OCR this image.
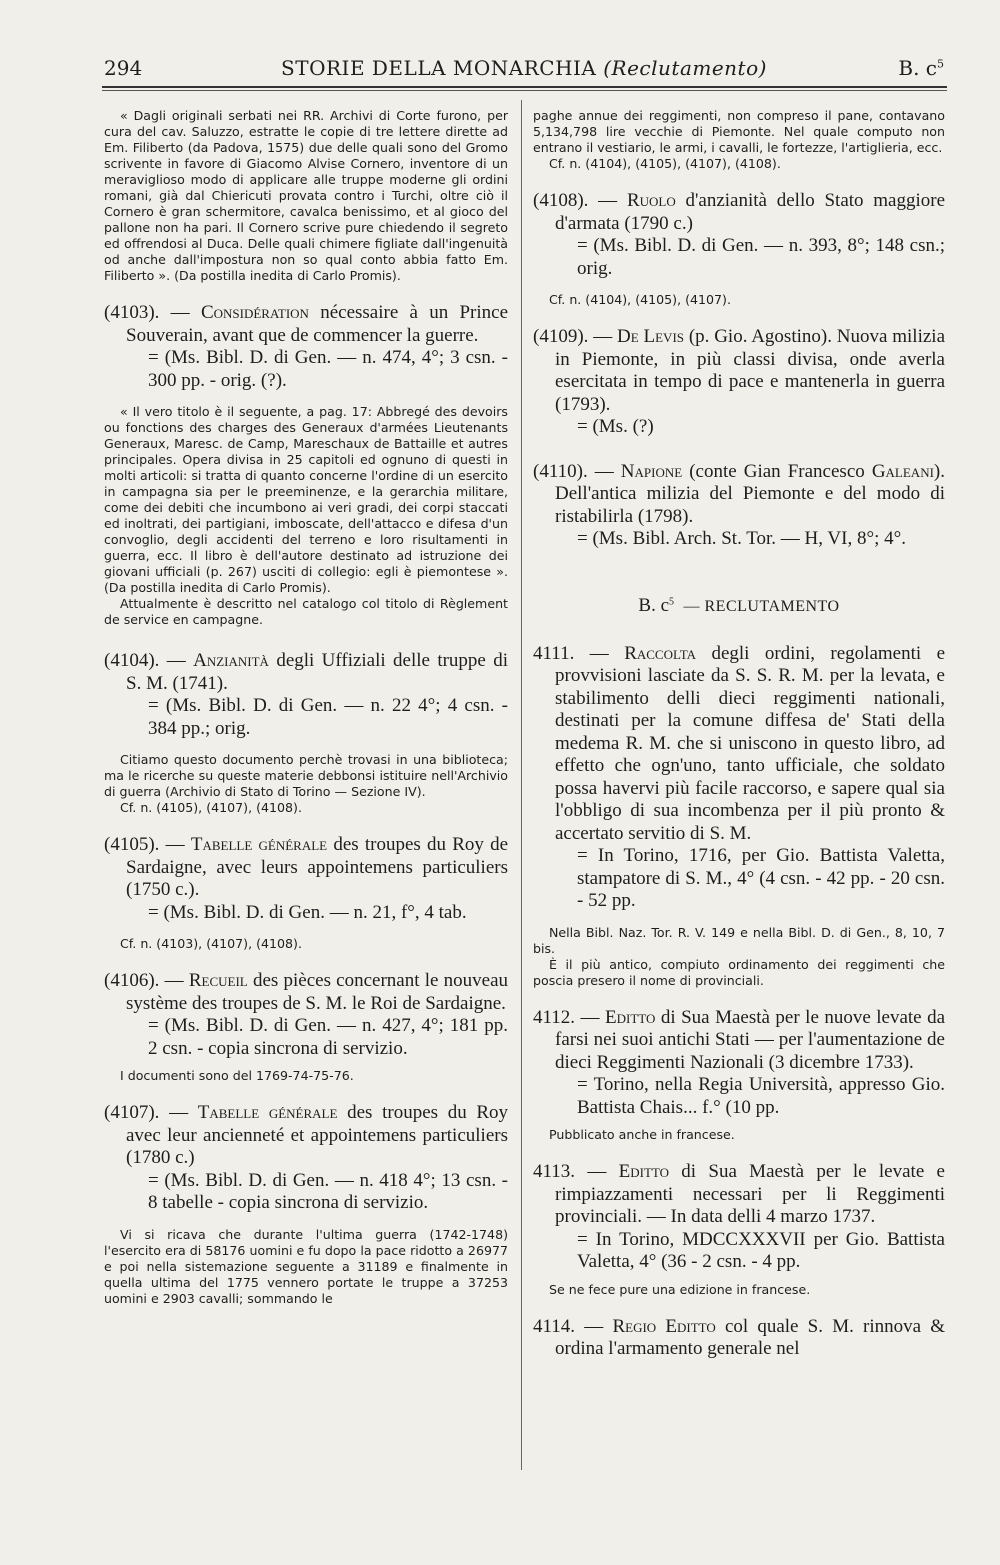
294	STORIE DELLA MONARCHIA (Reclutamento)	B. $c^5$

« Dagli originali serbati nei RR. Archivi di Corte furono, per cura del cav. Saluzzo, estratte le copie di tre lettere dirette ad Em. Filiberto (da Padova, 1575) due delle quali sono del Gromo scrivente in favore di Giacomo Alvise Cornero, inventore di un meraviglioso modo di applicare alle truppe moderne gli ordini romani, già dal Chiericuti provata contro i Turchi, oltre ciò il Cornero è gran schermitore, cavalca benissimo, et al gioco del pallone non ha pari. Il Cornero scrive pure chiedendo il segreto ed offrendosi al Duca. Delle quali chimere figliate dall'ingenuità od anche dall'impostura non so qual conto abbia fatto Em. Filiberto ». (Da postilla inedita di Carlo Promis).

(4103). — Considération nécessaire à un Prince Souverain, avant que de commencer la guerre.
= (Ms. Bibl. D. di Gen. — n. 474, 4°; 3 csn. - 300 pp. - orig. (?).

« Il vero titolo è il seguente, a pag. 17: Abbregé des devoirs ou fonctions des charges des Generaux d'armées Lieutenants Generaux, Maresc. de Camp, Mareschaux de Battaille et autres principales. Opera divisa in 25 capitoli ed ognuno di questi in molti articoli: si tratta di quanto concerne l'ordine di un esercito in campagna sia per le preeminenze, e la gerarchia militare, come dei debiti che incumbono ai veri gradi, dei corpi staccati ed inoltrati, dei partigiani, imboscate, dell'attacco e difesa d'un convoglio, degli accidenti del terreno e loro risultamenti in guerra, ecc. Il libro è dell'autore destinato ad istruzione dei giovani ufficiali (p. 267) usciti di collegio: egli è piemontese ». (Da postilla inedita di Carlo Promis).

Attualmente è descritto nel catalogo col titolo di Règlement de service en campagne.

(4104). — Anzianità degli Uffiziali delle truppe di S. M. (1741).
= (Ms. Bibl. D. di Gen. — n. 22 4°; 4 csn. - 384 pp.; orig.

Citiamo questo documento perchè trovasi in una biblioteca; ma le ricerche su queste materie debbonsi istituire nell'Archivio di guerra (Archivio di Stato di Torino — Sezione IV).

Cf. n. (4105), (4107), (4108).

(4105). — Tabelle générale des troupes du Roy de Sardaigne, avec leurs appointemens particuliers (1750 c.).
= (Ms. Bibl. D. di Gen. — n. 21, f°, 4 tab.

Cf. n. (4103), (4107), (4108).

(4106). — Recueil des pièces concernant le nouveau système des troupes de S. M. le Roi de Sardaigne.
= (Ms. Bibl. D. di Gen. — n. 427, 4°; 181 pp. 2 csn. - copia sincrona di servizio.

I documenti sono del 1769-74-75-76.

(4107). — Tabelle générale des troupes du Roy avec leur ancienneté et appointemens particuliers (1780 c.)
= (Ms. Bibl. D. di Gen. — n. 418 4°; 13 csn. - 8 tabelle - copia sincrona di servizio.

Vi si ricava che durante l'ultima guerra (1742-1748) l'esercito era di 58176 uomini e fu dopo la pace ridotto a 26977 e poi nella sistemazione seguente a 31189 e finalmente in quella ultima del 1775 vennero portate le truppe a 37253 uomini e 2903 cavalli; sommando le

paghe annue dei reggimenti, non compreso il pane, contavano 5,134,798 lire vecchie di Piemonte. Nel quale computo non entrano il vestiario, le armi, i cavalli, le fortezze, l'artiglieria, ecc.

Cf. n. (4104), (4105), (4107), (4108).

(4108). — Ruolo d'anzianità dello Stato maggiore d'armata (1790 c.)
= (Ms. Bibl. D. di Gen. — n. 393, 8°; 148 csn.; orig.

Cf. n. (4104), (4105), (4107).

(4109). — De Levis (p. Gio. Agostino). Nuova milizia in Piemonte, in più classi divisa, onde averla esercitata in tempo di pace e mantenerla in guerra (1793).
= (Ms. (?)

(4110). — Napione (conte Gian Francesco Galeani). Dell'antica milizia del Piemonte e del modo di ristabilirla (1798).
= (Ms. Bibl. Arch. St. Tor. — H, VI, 8°; 4°.

B. $c^5$ — RECLUTAMENTO

4111. — Raccolta degli ordini, regolamenti e provvisioni lasciate da S. S. R. M. per la levata, e stabilimento delli dieci reggimenti nationali, destinati per la comune diffesa de' Stati della medema R. M. che si uniscono in questo libro, ad effetto che ogn'uno, tanto ufficiale, che soldato possa havervi più facile raccorso, e sapere qual sia l'obbligo di sua incombenza per il più pronto & accertato servitio di S. M.
= In Torino, 1716, per Gio. Battista Valetta, stampatore di S. M., 4° (4 csn. - 42 pp. - 20 csn. - 52 pp.

Nella Bibl. Naz. Tor. R. V. 149 e nella Bibl. D. di Gen., 8, 10, 7 bis.

È il più antico, compiuto ordinamento dei reggimenti che poscia presero il nome di provinciali.

4112. — Editto di Sua Maestà per le nuove levate da farsi nei suoi antichi Stati — per l'aumentazione de dieci Reggimenti Nazionali (3 dicembre 1733).
= Torino, nella Regia Università, appresso Gio. Battista Chais... f.° (10 pp.

Pubblicato anche in francese.

4113. — Editto di Sua Maestà per le levate e rimpiazzamenti necessari per li Reggimenti provinciali. — In data delli 4 marzo 1737.
= In Torino, MDCCXXXVII per Gio. Battista Valetta, 4° (36 - 2 csn. - 4 pp.

Se ne fece pure una edizione in francese.

4114. — Regio Editto col quale S. M. rinnova & ordina l'armamento generale nel
